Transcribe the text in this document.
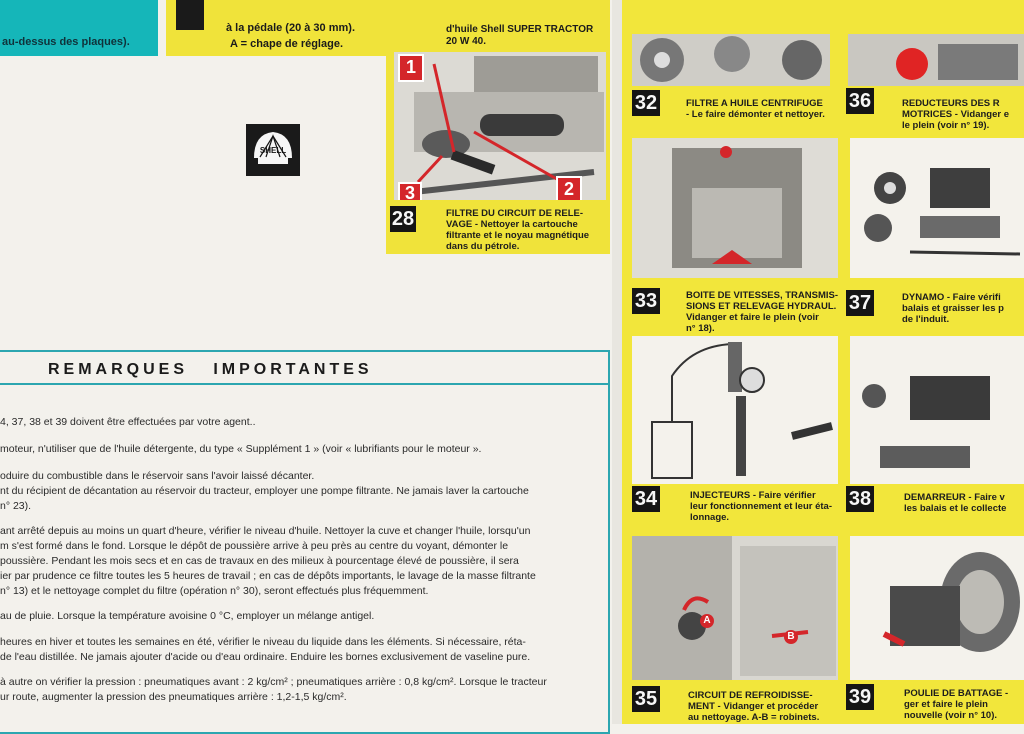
au-dessus des plaques).
à la pédale (20 à 30 mm).
A = chape de réglage.
SHELL
d'huile Shell SUPER TRACTOR
20 W 40.
1
2
3
28	FILTRE DU CIRCUIT DE RELE-
VAGE - Nettoyer la cartouche
filtrante et le noyau magnétique
dans du pétrole.
REMARQUES   IMPORTANTES
4, 37, 38 et 39 doivent être effectuées par votre agent..
moteur, n'utiliser que de l'huile détergente, du type « Supplément 1 » (voir « lubrifiants pour le moteur ».
oduire du combustible dans le réservoir sans l'avoir laissé décanter.
nt du récipient de décantation au réservoir du tracteur, employer une pompe filtrante. Ne jamais laver la cartouche
n° 23).
ant arrêté depuis au moins un quart d'heure, vérifier le niveau d'huile. Nettoyer la cuve et changer l'huile, lorsqu'un
m s'est formé dans le fond. Lorsque le dépôt de poussière arrive à peu près au centre du voyant, démonter le
poussière. Pendant les mois secs et en cas de travaux en des milieux à pourcentage élevé de poussière, il sera
ier par prudence ce filtre toutes les 5 heures de travail ; en cas de dépôts importants, le lavage de la masse filtrante
n° 13) et le nettoyage complet du filtre (opération n° 30), seront effectués plus fréquemment.
au de pluie. Lorsque la température avoisine 0 °C, employer un mélange antigel.
heures en hiver et toutes les semaines en été, vérifier le niveau du liquide dans les éléments. Si nécessaire, réta-
de l'eau distillée. Ne jamais ajouter d'acide ou d'eau ordinaire. Enduire les bornes exclusivement de vaseline pure.
à autre on vérifier la pression : pneumatiques avant : 2 kg/cm² ; pneumatiques arrière : 0,8 kg/cm². Lorsque le tracteur
ur route, augmenter la pression des pneumatiques arrière : 1,2-1,5 kg/cm².
32	FILTRE A HUILE CENTRIFUGE
- Le faire démonter et nettoyer.
36	REDUCTEURS DES R
MOTRICES - Vidanger e
le plein (voir n° 19).
33	BOITE DE VITESSES, TRANSMIS-
SIONS ET RELEVAGE HYDRAUL.
Vidanger et faire le plein (voir
n° 18).
37	DYNAMO - Faire vérifi
balais et graisser les p
de l'induit.
34	INJECTEURS - Faire vérifier
leur fonctionnement et leur éta-
lonnage.
38	DEMARREUR - Faire v
les balais et le collecte
A
B
35	CIRCUIT DE REFROIDISSE-
MENT - Vidanger et procéder
au nettoyage. A-B = robinets.
39	POULIE DE BATTAGE -
ger et faire le plein
nouvelle (voir n° 10).
